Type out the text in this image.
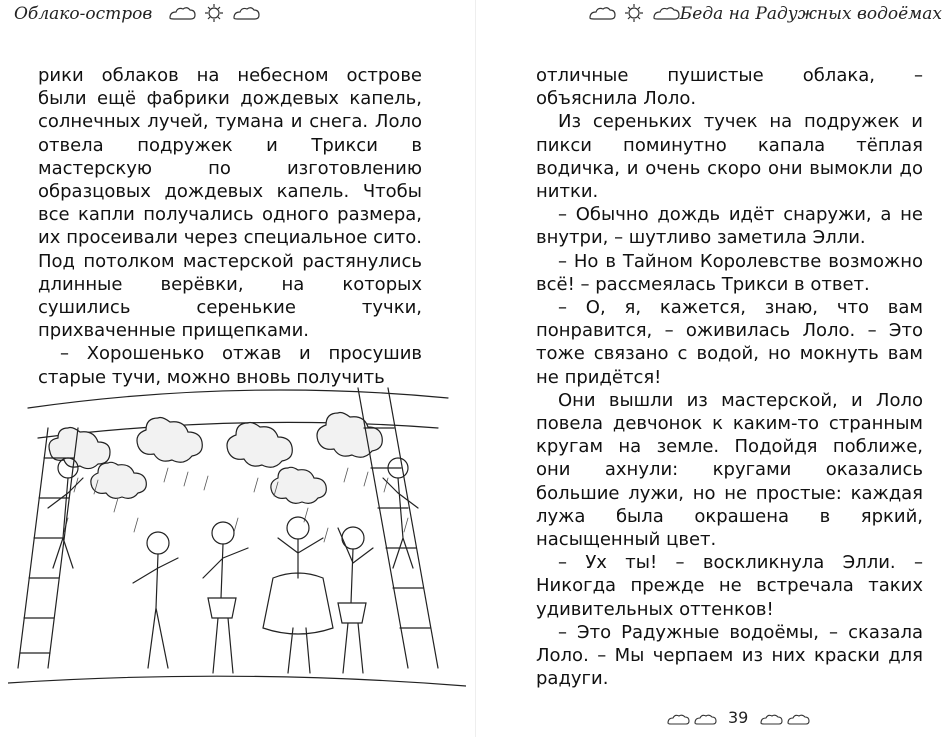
Облако-остров

рики облаков на небесном острове были ещё фабрики дождевых капель, солнечных лучей, тумана и снега. Лоло отвела подружек и Трикси в мастерскую по изготовлению образцовых дождевых капель. Чтобы все капли получались одного размера, их просеивали через специальное сито. Под потолком мастерской растянулись длинные верёвки, на которых сушились серенькие тучки, прихваченные прищепками.

– Хорошенько отжав и просушив старые тучи, можно вновь получить

Беда на Радужных водоёмах

отличные пушистые облака, – объяснила Лоло.

Из сереньких тучек на подружек и пикси поминутно капала тёплая водичка, и очень скоро они вымокли до нитки.

– Обычно дождь идёт снаружи, а не внутри, – шутливо заметила Элли.

– Но в Тайном Королевстве возможно всё! – рассмеялась Трикси в ответ.

– О, я, кажется, знаю, что вам понравится, – оживилась Лоло. – Это тоже связано с водой, но мокнуть вам не придётся!

Они вышли из мастерской, и Лоло повела девчонок к каким-то странным кругам на земле. Подойдя поближе, они ахнули: кругами оказались большие лужи, но не простые: каждая лужа была окрашена в яркий, насыщенный цвет.

– Ух ты! – воскликнула Элли. – Никогда прежде не встречала таких удивительных оттенков!

– Это Радужные водоёмы, – сказала Лоло. – Мы черпаем из них краски для радуги.

39
